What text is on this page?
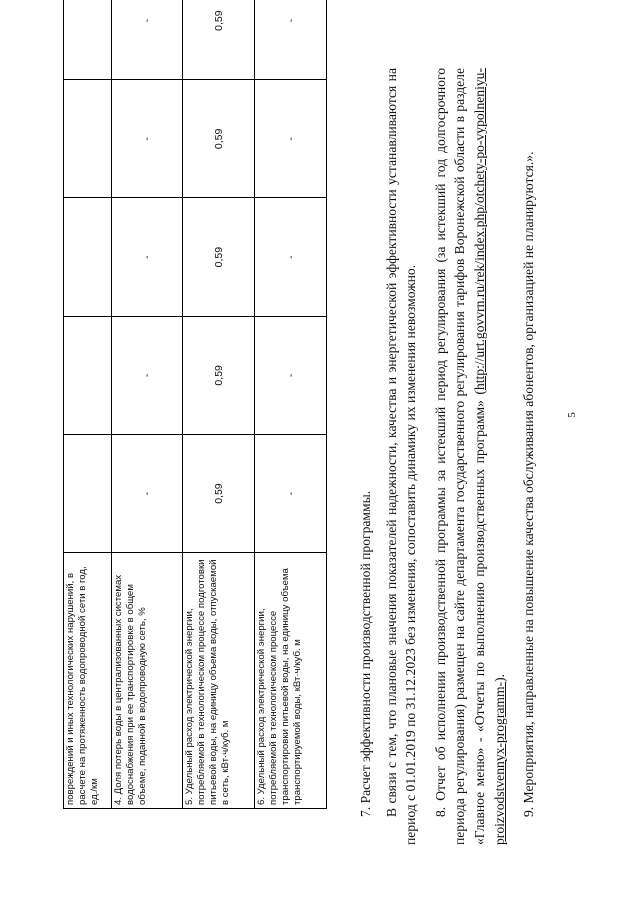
5
повреждений и иных технологических нарушений, в расчете на протяженность водопроводной сети в год, ед./км					
4. Доля потерь воды в централизованных системах водоснабжения при ее транспортировке в общем объеме, поданной в водопроводную сеть, %	-	-	-	-	-
5. Удельный расход электрической энергии, потребляемой в технологическом процессе подготовки питьевой воды, на единицу объема воды, отпускаемой в сеть, кВт·ч/куб. м	0,59	0,59	0,59	0,59	0,59
6. Удельный расход электрической энергии, потребляемой в технологическом процессе транспортировки питьевой воды, на единицу объема транспортируемой воды, кВт·ч/куб. м	-	-	-	-	-

7. Расчет эффективности производственной программы. В связи с тем, что плановые значения показателей надежности, качества и энергетической эффективности устанавливаются на период с 01.01.2019 по 31.12.2023 без изменения, сопоставить динамику их изменения невозможно. 8. Отчет об исполнении производственной программы за истекший период регулирования (за истекший год долгосрочного периода регулирования) размещен на сайте департамента государственного регулирования тарифов Воронежской области в разделе «Главное меню» - «Отчеты по выполнению производственных программ» (http://urt.govvrn.ru/rek/index.php/otchety-po-vypolneniyu-proizvodstvennyx-programm-). 9. Мероприятия, направленные на повышение качества обслуживания абонентов, организацией не планируются.».
